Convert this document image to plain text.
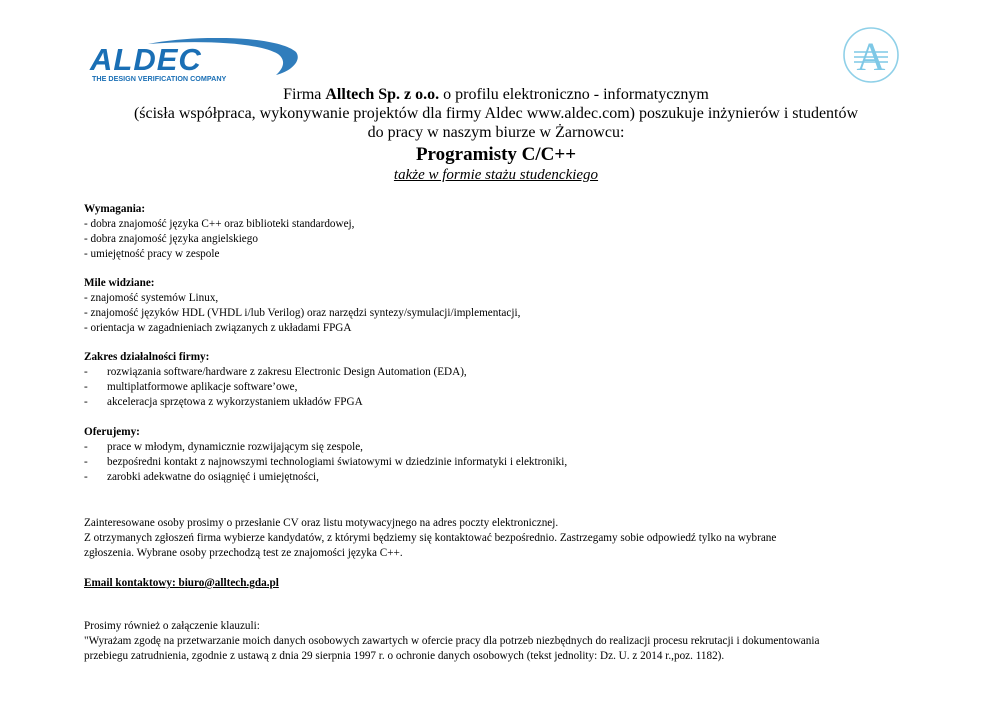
ALDEC
THE DESIGN VERIFICATION COMPANY	A
Firma Alltech Sp. z o.o. o profilu elektroniczno - informatycznym
(ścisła współpraca, wykonywanie projektów dla firmy Aldec www.aldec.com) poszukuje inżynierów i studentów
do pracy w naszym biurze w Żarnowcu:
Programisty C/C++
także w formie stażu studenckiego
Wymagania:
- dobra znajomość języka C++ oraz biblioteki standardowej,
- dobra znajomość języka angielskiego
- umiejętność pracy w zespole
Mile widziane:
- znajomość systemów Linux,
- znajomość języków HDL (VHDL i/lub Verilog) oraz narzędzi syntezy/symulacji/implementacji,
- orientacja w zagadnieniach związanych z układami FPGA
Zakres działalności firmy:
-	rozwiązania software/hardware z zakresu Electronic Design Automation (EDA),
-	multiplatformowe aplikacje software’owe,
-	akceleracja sprzętowa z wykorzystaniem układów FPGA
Oferujemy:
-	prace w młodym, dynamicznie rozwijającym się zespole,
-	bezpośredni kontakt z najnowszymi technologiami światowymi w dziedzinie informatyki i elektroniki,
-	zarobki adekwatne do osiągnięć i umiejętności,
Zainteresowane osoby prosimy o przesłanie CV oraz listu motywacyjnego na adres poczty elektronicznej.
Z otrzymanych zgłoszeń firma wybierze kandydatów, z którymi będziemy się kontaktować bezpośrednio. Zastrzegamy sobie odpowiedź tylko na wybrane
zgłoszenia. Wybrane osoby przechodzą test ze znajomości języka C++.
Email kontaktowy: biuro@alltech.gda.pl
Prosimy również o załączenie klauzuli:
"Wyrażam zgodę na przetwarzanie moich danych osobowych zawartych w ofercie pracy dla potrzeb niezbędnych do realizacji procesu rekrutacji i dokumentowania
przebiegu zatrudnienia, zgodnie z ustawą z dnia 29 sierpnia 1997 r. o ochronie danych osobowych (tekst jednolity: Dz. U. z 2014 r.,poz. 1182).
